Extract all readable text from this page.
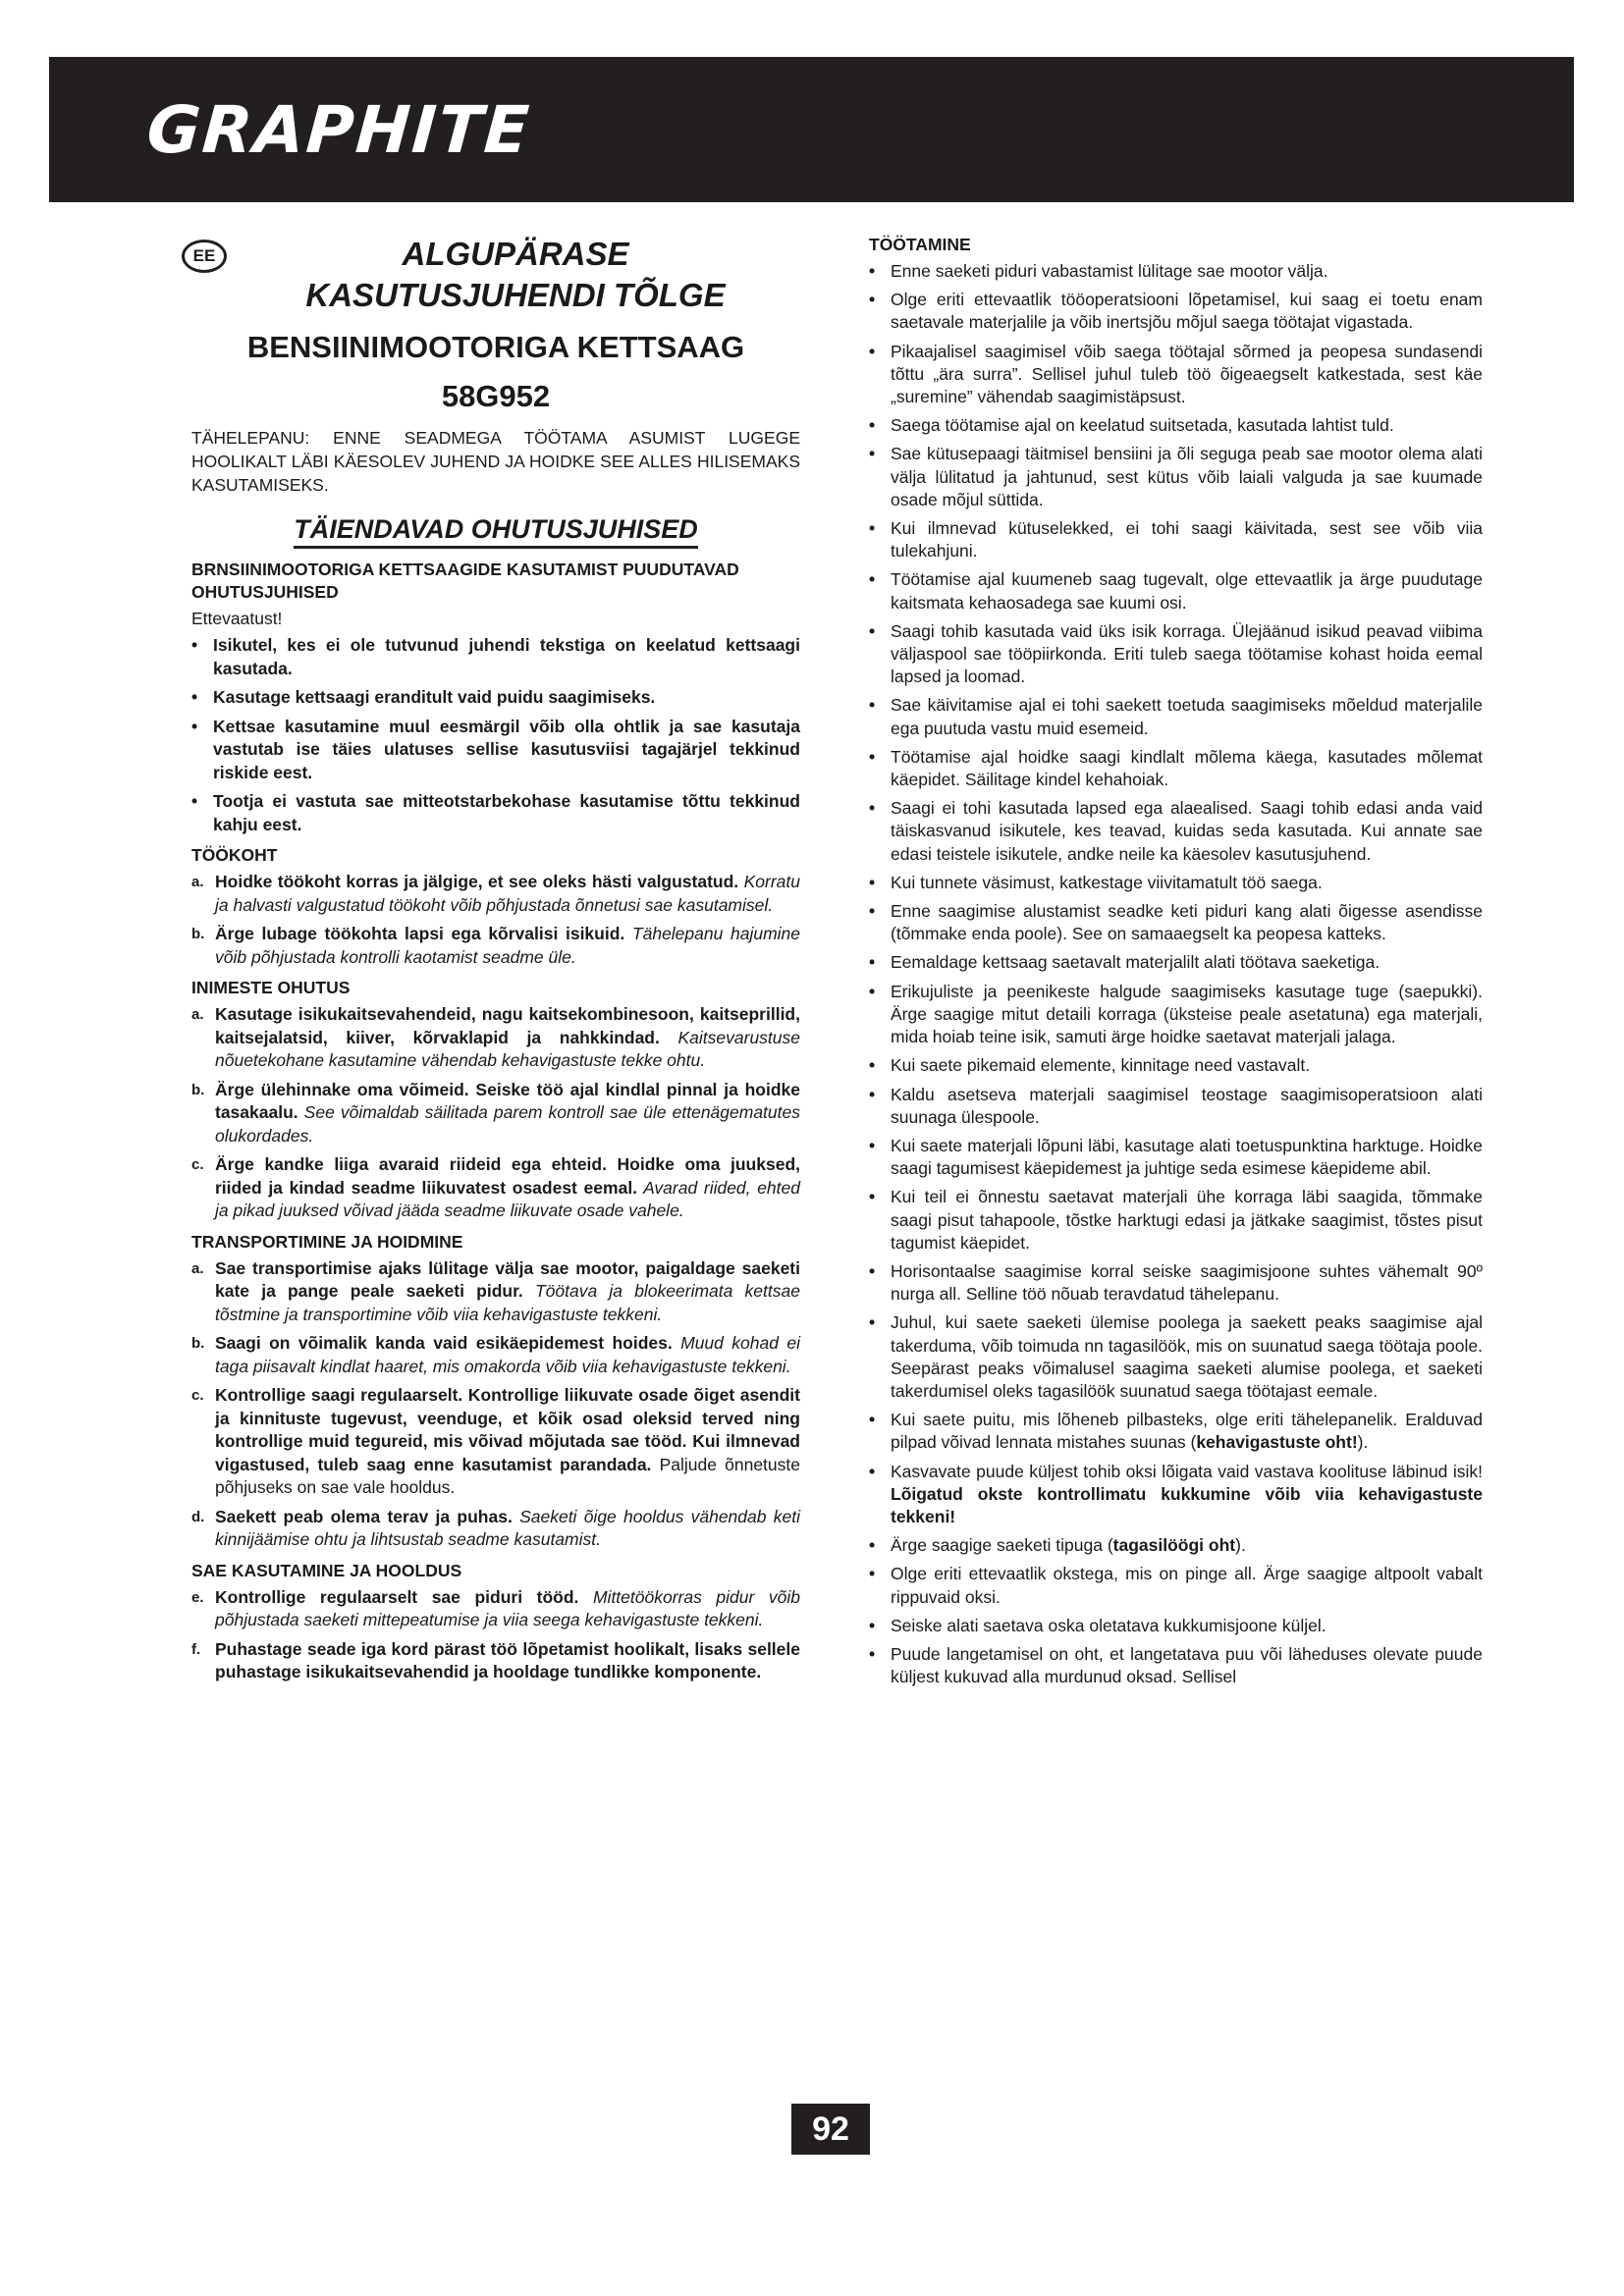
GRAPHITE
EE	ALGUPÄRASE
KASUTUSJUHENDI TÕLGE
BENSIINIMOOTORIGA KETTSAAG
58G952
TÄHELEPANU: ENNE SEADMEGA TÖÖTAMA ASUMIST LUGEGE HOOLIKALT LÄBI KÄESOLEV JUHEND JA HOIDKE SEE ALLES HILISEMAKS KASUTAMISEKS.
TÄIENDAVAD OHUTUSJUHISED
BRNSIINIMOOTORIGA KETTSAAGIDE KASUTAMIST PUUDUTAVAD OHUTUSJUHISED

Ettevaatust!

• Isikutel, kes ei ole tutvunud juhendi tekstiga on keelatud kettsaagi kasutada.
• Kasutage kettsaagi eranditult vaid puidu saagimiseks.
• Kettsae kasutamine muul eesmärgil võib olla ohtlik ja sae kasutaja vastutab ise täies ulatuses sellise kasutusviisi tagajärjel tekkinud riskide eest.
• Tootja ei vastuta sae mitteotstarbekohase kasutamise tõttu tekkinud kahju eest.
TÖÖKOHT
a. Hoidke töökoht korras ja jälgige, et see oleks hästi valgustatud. Korratu ja halvasti valgustatud töökoht võib põhjustada õnnetusi sae kasutamisel.
b. Ärge lubage töökohta lapsi ega kõrvalisi isikuid. Tähelepanu hajumine võib põhjustada kontrolli kaotamist seadme üle.
INIMESTE OHUTUS
a. Kasutage isikukaitsevahendeid, nagu kaitsekombinesoon, kaitseprillid, kaitsejalatsid, kiiver, kõrvaklapid ja nahkkindad. Kaitsevarustuse nõuetekohane kasutamine vähendab kehavigastuste tekke ohtu.
b. Ärge ülehinnake oma võimeid. Seiske töö ajal kindlal pinnal ja hoidke tasakaalu. See võimaldab säilitada parem kontroll sae üle ettenägematutes olukordades.
c. Ärge kandke liiga avaraid riideid ega ehteid. Hoidke oma juuksed, riided ja kindad seadme liikuvatest osadest eemal. Avarad riided, ehted ja pikad juuksed võivad jääda seadme liikuvate osade vahele.
TRANSPORTIMINE JA HOIDMINE
a. Sae transportimise ajaks lülitage välja sae mootor, paigaldage saeketi kate ja pange peale saeketi pidur. Töötava ja blokeerimata kettsae tõstmine ja transportimine võib viia kehavigastuste tekkeni.
b. Saagi on võimalik kanda vaid esikäepidemest hoides. Muud kohad ei taga piisavalt kindlat haaret, mis omakorda võib viia kehavigastuste tekkeni.
c. Kontrollige saagi regulaarselt. Kontrollige liikuvate osade õiget asendit ja kinnituste tugevust, veenduge, et kõik osad oleksid terved ning kontrollige muid tegureid, mis võivad mõjutada sae tööd. Kui ilmnevad vigastused, tuleb saag enne kasutamist parandada. Paljude õnnetuste põhjuseks on sae vale hooldus.
d. Saekett peab olema terav ja puhas. Saeketi õige hooldus vähendab keti kinnijäämise ohtu ja lihtsustab seadme kasutamist.
SAE KASUTAMINE JA HOOLDUS
e. Kontrollige regulaarselt sae piduri tööd. Mittetöökorras pidur võib põhjustada saeketi mittepeatumise ja viia seega kehavigastuste tekkeni.
f. Puhastage seade iga kord pärast töö lõpetamist hoolikalt, lisaks sellele puhastage isikukaitsevahendid ja hooldage tundlikke komponente.
TÖÖTAMINE
• Enne saeketi piduri vabastamist lülitage sae mootor välja.
• Olge eriti ettevaatlik tööoperatsiooni lõpetamisel, kui saag ei toetu enam saetavale materjalile ja võib inertsjõu mõjul saega töötajat vigastada.
• Pikaajalisel saagimisel võib saega töötajal sõrmed ja peopesa sundasendi tõttu „ära surra”. Sellisel juhul tuleb töö õigeaegselt katkestada, sest käe „suremine” vähendab saagimistäpsust.
• Saega töötamise ajal on keelatud suitsetada, kasutada lahtist tuld.
• Sae kütusepaagi täitmisel bensiini ja õli seguga peab sae mootor olema alati välja lülitatud ja jahtunud, sest kütus võib laiali valguda ja sae kuumade osade mõjul süttida.
• Kui ilmnevad kütuselekked, ei tohi saagi käivitada, sest see võib viia tulekahjuni.
• Töötamise ajal kuumeneb saag tugevalt, olge ettevaatlik ja ärge puudutage kaitsmata kehaosadega sae kuumi osi.
• Saagi tohib kasutada vaid üks isik korraga. Ülejäänud isikud peavad viibima väljaspool sae tööpiirkonda. Eriti tuleb saega töötamise kohast hoida eemal lapsed ja loomad.
• Sae käivitamise ajal ei tohi saekett toetuda saagimiseks mõeldud materjalile ega puutuda vastu muid esemeid.
• Töötamise ajal hoidke saagi kindlalt mõlema käega, kasutades mõlemat käepidet. Säilitage kindel kehahoiak.
• Saagi ei tohi kasutada lapsed ega alaealised. Saagi tohib edasi anda vaid täiskasvanud isikutele, kes teavad, kuidas seda kasutada. Kui annate sae edasi teistele isikutele, andke neile ka käesolev kasutusjuhend.
• Kui tunnete väsimust, katkestage viivitamatult töö saega.
• Enne saagimise alustamist seadke keti piduri kang alati õigesse asendisse (tõmmake enda poole). See on samaaegselt ka peopesa katteks.
• Eemaldage kettsaag saetavalt materjalilt alati töötava saeketiga.
• Erikujuliste ja peenikeste halgude saagimiseks kasutage tuge (saepukki). Ärge saagige mitut detaili korraga (üksteise peale asetatuna) ega materjali, mida hoiab teine isik, samuti ärge hoidke saetavat materjali jalaga.
• Kui saete pikemaid elemente, kinnitage need vastavalt.
• Kaldu asetseva materjali saagimisel teostage saagimisoperatsioon alati suunaga ülespoole.
• Kui saete materjali lõpuni läbi, kasutage alati toetuspunktina harktuge. Hoidke saagi tagumisest käepidemest ja juhtige seda esimese käepideme abil.
• Kui teil ei õnnestu saetavat materjali ühe korraga läbi saagida, tõmmake saagi pisut tahapoole, tõstke harktugi edasi ja jätkake saagimist, tõstes pisut tagumist käepidet.
• Horisontaalse saagimise korral seiske saagimisjoone suhtes vähemalt 90º nurga all. Selline töö nõuab teravdatud tähelepanu.
• Juhul, kui saete saeketi ülemise poolega ja saekett peaks saagimise ajal takerduma, võib toimuda nn tagasilöök, mis on suunatud saega töötaja poole. Seepärast peaks võimalusel saagima saeketi alumise poolega, et saeketi takerdumisel oleks tagasilöök suunatud saega töötajast eemale.
• Kui saete puitu, mis lõheneb pilbasteks, olge eriti tähelepanelik. Eralduvad pilpad võivad lennata mistahes suunas (kehavigastuste oht!).
• Kasvavate puude küljest tohib oksi lõigata vaid vastava koolituse läbinud isik! Lõigatud okste kontrollimatu kukkumine võib viia kehavigastuste tekkeni!
• Ärge saagige saeketi tipuga (tagasilöögi oht).
• Olge eriti ettevaatlik okstega, mis on pinge all. Ärge saagige altpoolt vabalt rippuvaid oksi.
• Seiske alati saetava oska oletatava kukkumisjoone küljel.
• Puude langetamisel on oht, et langetatava puu või läheduses olevate puude küljest kukuvad alla murdunud oksad. Sellisel
92
